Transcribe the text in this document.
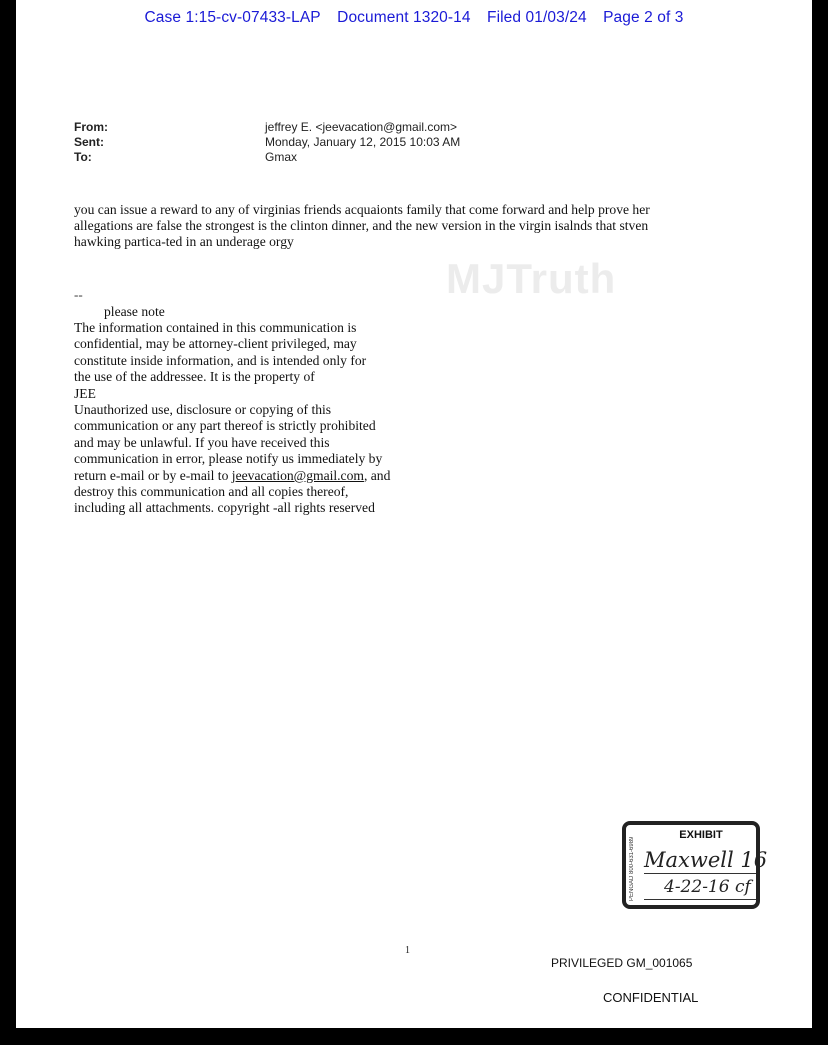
Case 1:15-cv-07433-LAP Document 1320-14 Filed 01/03/24 Page 2 of 3
MJTruth
From:	jeffrey E. <jeevacation@gmail.com>
Sent:	Monday, January 12, 2015 10:03 AM
To:	Gmax
you can issue a reward to any of virginias friends acquaionts family that come forward and help prove her
allegations are false the strongest is the clinton dinner, and the new version in the virgin isalnds that stven
hawking partica-ted in an underage orgy
--
please note
The information contained in this communication is
confidential, may be attorney-client privileged, may
constitute inside information, and is intended only for
the use of the addressee. It is the property of
JEE
Unauthorized use, disclosure or copying of this
communication or any part thereof is strictly prohibited
and may be unlawful. If you have received this
communication in error, please notify us immediately by
return e-mail or by e-mail to jeevacation@gmail.com, and
destroy this communication and all copies thereof,
including all attachments. copyright -all rights reserved
PENGAD 800-631-6989
EXHIBIT
Maxwell 16
4-22-16 cf
1
PRIVILEGED GM_001065
CONFIDENTIAL
